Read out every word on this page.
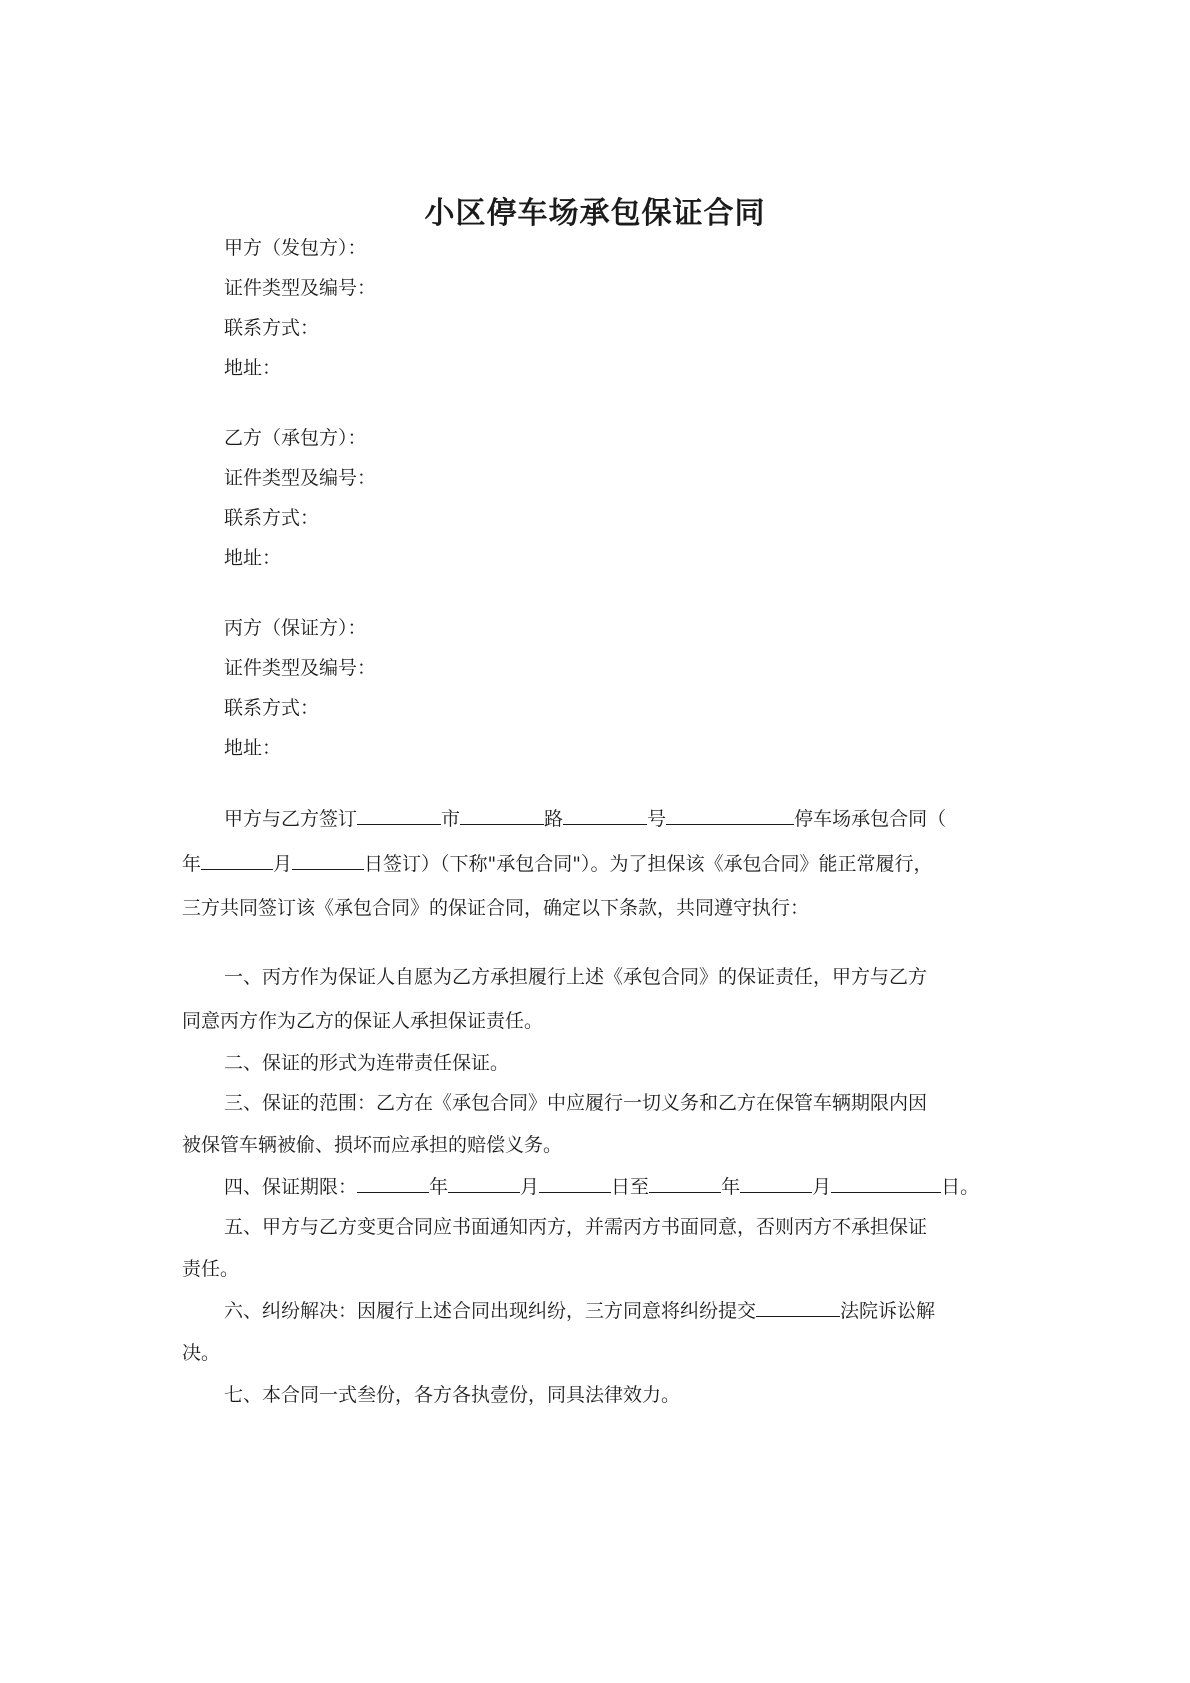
小区停车场承包保证合同
甲方（发包方）：
证件类型及编号：
联系方式：
地址：
乙方（承包方）：
证件类型及编号：
联系方式：
地址：
丙方（保证方）：
证件类型及编号：
联系方式：
地址：
甲方与乙方签订	市	路	号	停车场承包合同（
年	月	日签订）（下称"承包合同"）。为了担保该《承包合同》能正常履行，
三方共同签订该《承包合同》的保证合同，确定以下条款，共同遵守执行：
一、丙方作为保证人自愿为乙方承担履行上述《承包合同》的保证责任，甲方与乙方
同意丙方作为乙方的保证人承担保证责任。
二、保证的形式为连带责任保证。
三、保证的范围：乙方在《承包合同》中应履行一切义务和乙方在保管车辆期限内因
被保管车辆被偷、损坏而应承担的赔偿义务。
四、保证期限：	年	月	日至	年	月	日。
五、甲方与乙方变更合同应书面通知丙方，并需丙方书面同意，否则丙方不承担保证
责任。
六、纠纷解决：因履行上述合同出现纠纷，三方同意将纠纷提交	法院诉讼解
决。
七、本合同一式叁份，各方各执壹份，同具法律效力。
